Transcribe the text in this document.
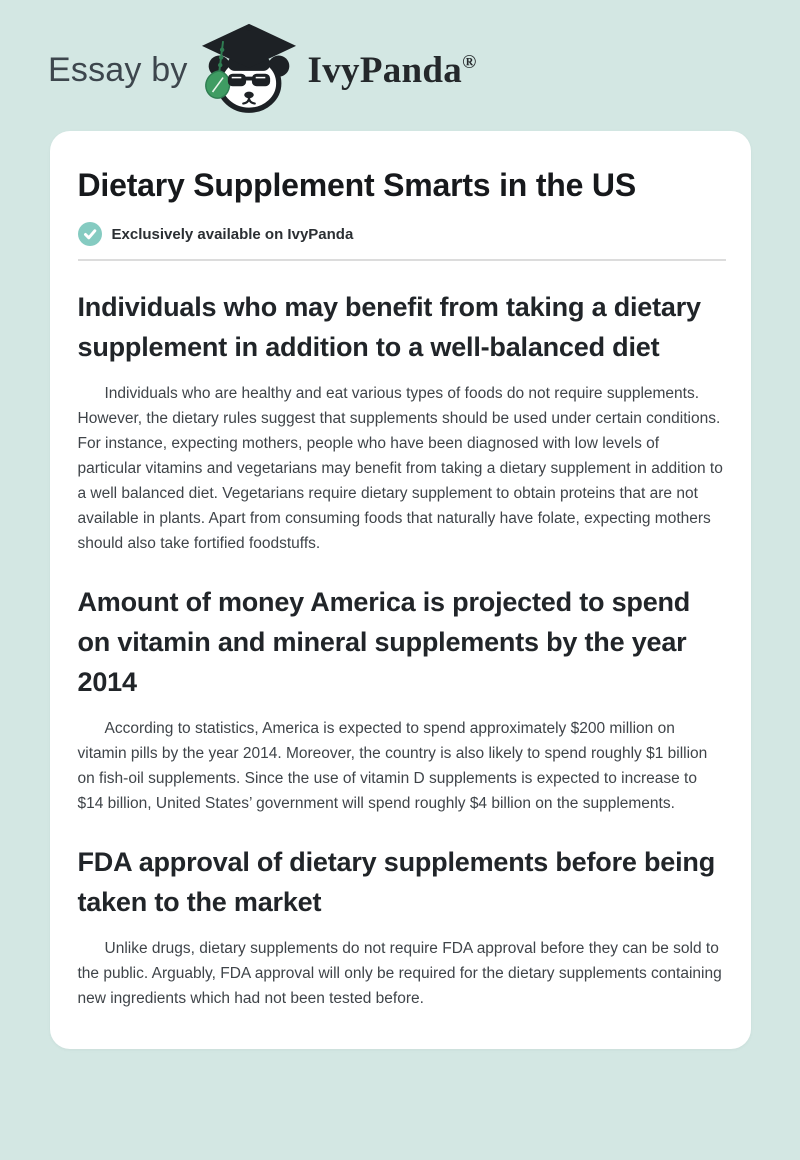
Essay by	IvyPanda®
Dietary Supplement Smarts in the US
Exclusively available on IvyPanda
Individuals who may benefit from taking a dietary supplement in addition to a well-balanced diet

Individuals who are healthy and eat various types of foods do not require supplements. However, the dietary rules suggest that supplements should be used under certain conditions. For instance, expecting mothers, people who have been diagnosed with low levels of particular vitamins and vegetarians may benefit from taking a dietary supplement in addition to a well balanced diet. Vegetarians require dietary supplement to obtain proteins that are not available in plants. Apart from consuming foods that naturally have folate, expecting mothers should also take fortified foodstuffs.

Amount of money America is projected to spend on vitamin and mineral supplements by the year 2014

According to statistics, America is expected to spend approximately $200 million on vitamin pills by the year 2014. Moreover, the country is also likely to spend roughly $1 billion on fish-oil supplements. Since the use of vitamin D supplements is expected to increase to $14 billion, United States’ government will spend roughly $4 billion on the supplements.

FDA approval of dietary supplements before being taken to the market

Unlike drugs, dietary supplements do not require FDA approval before they can be sold to the public. Arguably, FDA approval will only be required for the dietary supplements containing new ingredients which had not been tested before.
